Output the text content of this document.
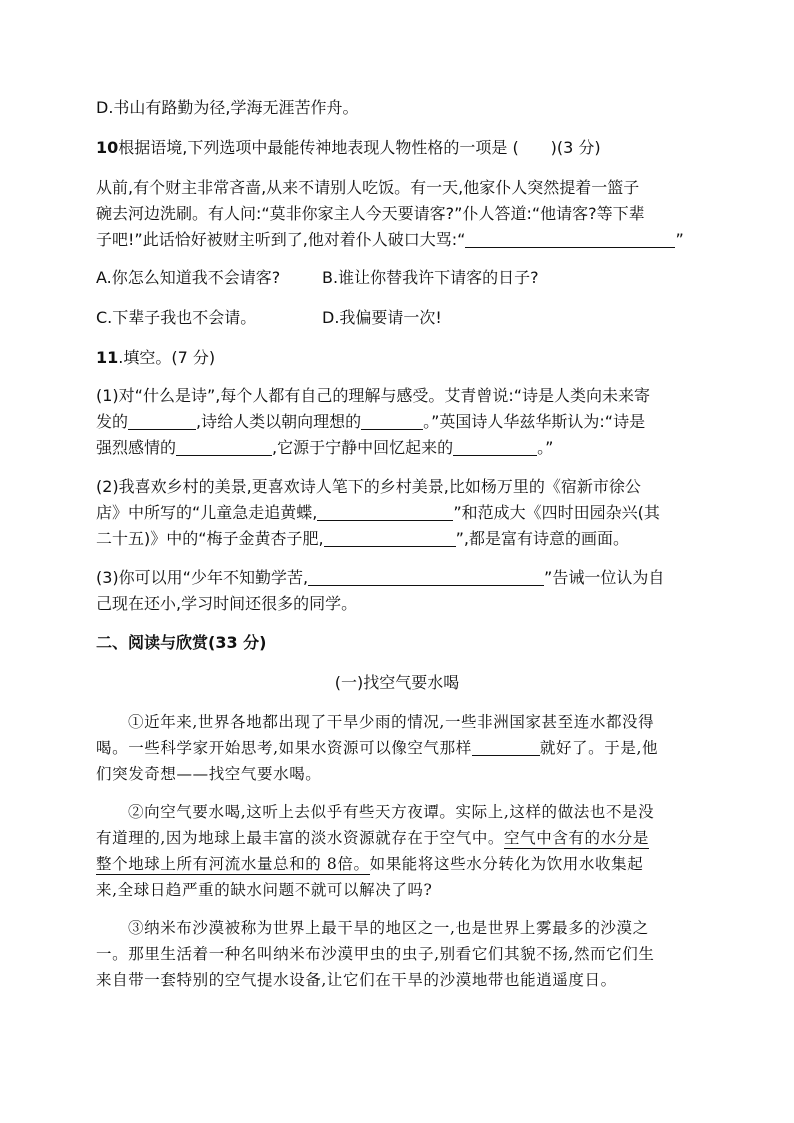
D.书山有路勤为径,学海无涯苦作舟。
10根据语境,下列选项中最能传神地表现人物性格的一项是 (　　)(3 分)
从前,有个财主非常吝啬,从来不请别人吃饭。有一天,他家仆人突然提着一篮子
碗去河边洗刷。有人问:“莫非你家主人今天要请客?”仆人答道:“他请客?等下辈
子吧!”此话恰好被财主听到了,他对着仆人破口大骂:“	”
A.你怎么知道我不会请客?	B.谁让你替我许下请客的日子?
C.下辈子我也不会请。	D.我偏要请一次!
11.填空。(7 分)
(1)对“什么是诗”,每个人都有自己的理解与感受。艾青曾说:“诗是人类向未来寄
发的	,诗给人类以朝向理想的	。”英国诗人华兹华斯认为:“诗是
强烈感情的	,它源于宁静中回忆起来的	。”
(2)我喜欢乡村的美景,更喜欢诗人笔下的乡村美景,比如杨万里的《宿新市徐公
店》中所写的“儿童急走追黄蝶,	”和范成大《四时田园杂兴(其
二十五)》中的“梅子金黄杏子肥,	”,都是富有诗意的画面。
(3)你可以用“少年不知勤学苦,	”告诫一位认为自
己现在还小,学习时间还很多的同学。
二、阅读与欣赏(33 分)
(一)找空气要水喝
①近年来,世界各地都出现了干旱少雨的情况,一些非洲国家甚至连水都没得
喝。一些科学家开始思考,如果水资源可以像空气那样	就好了。于是,他
们突发奇想——找空气要水喝。
②向空气要水喝,这听上去似乎有些天方夜谭。实际上,这样的做法也不是没
有道理的,因为地球上最丰富的淡水资源就存在于空气中。空气中含有的水分是
整个地球上所有河流水量总和的 8倍。如果能将这些水分转化为饮用水收集起
来,全球日趋严重的缺水问题不就可以解决了吗?
③纳米布沙漠被称为世界上最干旱的地区之一,也是世界上雾最多的沙漠之
一。那里生活着一种名叫纳米布沙漠甲虫的虫子,别看它们其貌不扬,然而它们生
来自带一套特别的空气提水设备,让它们在干旱的沙漠地带也能逍遥度日。
